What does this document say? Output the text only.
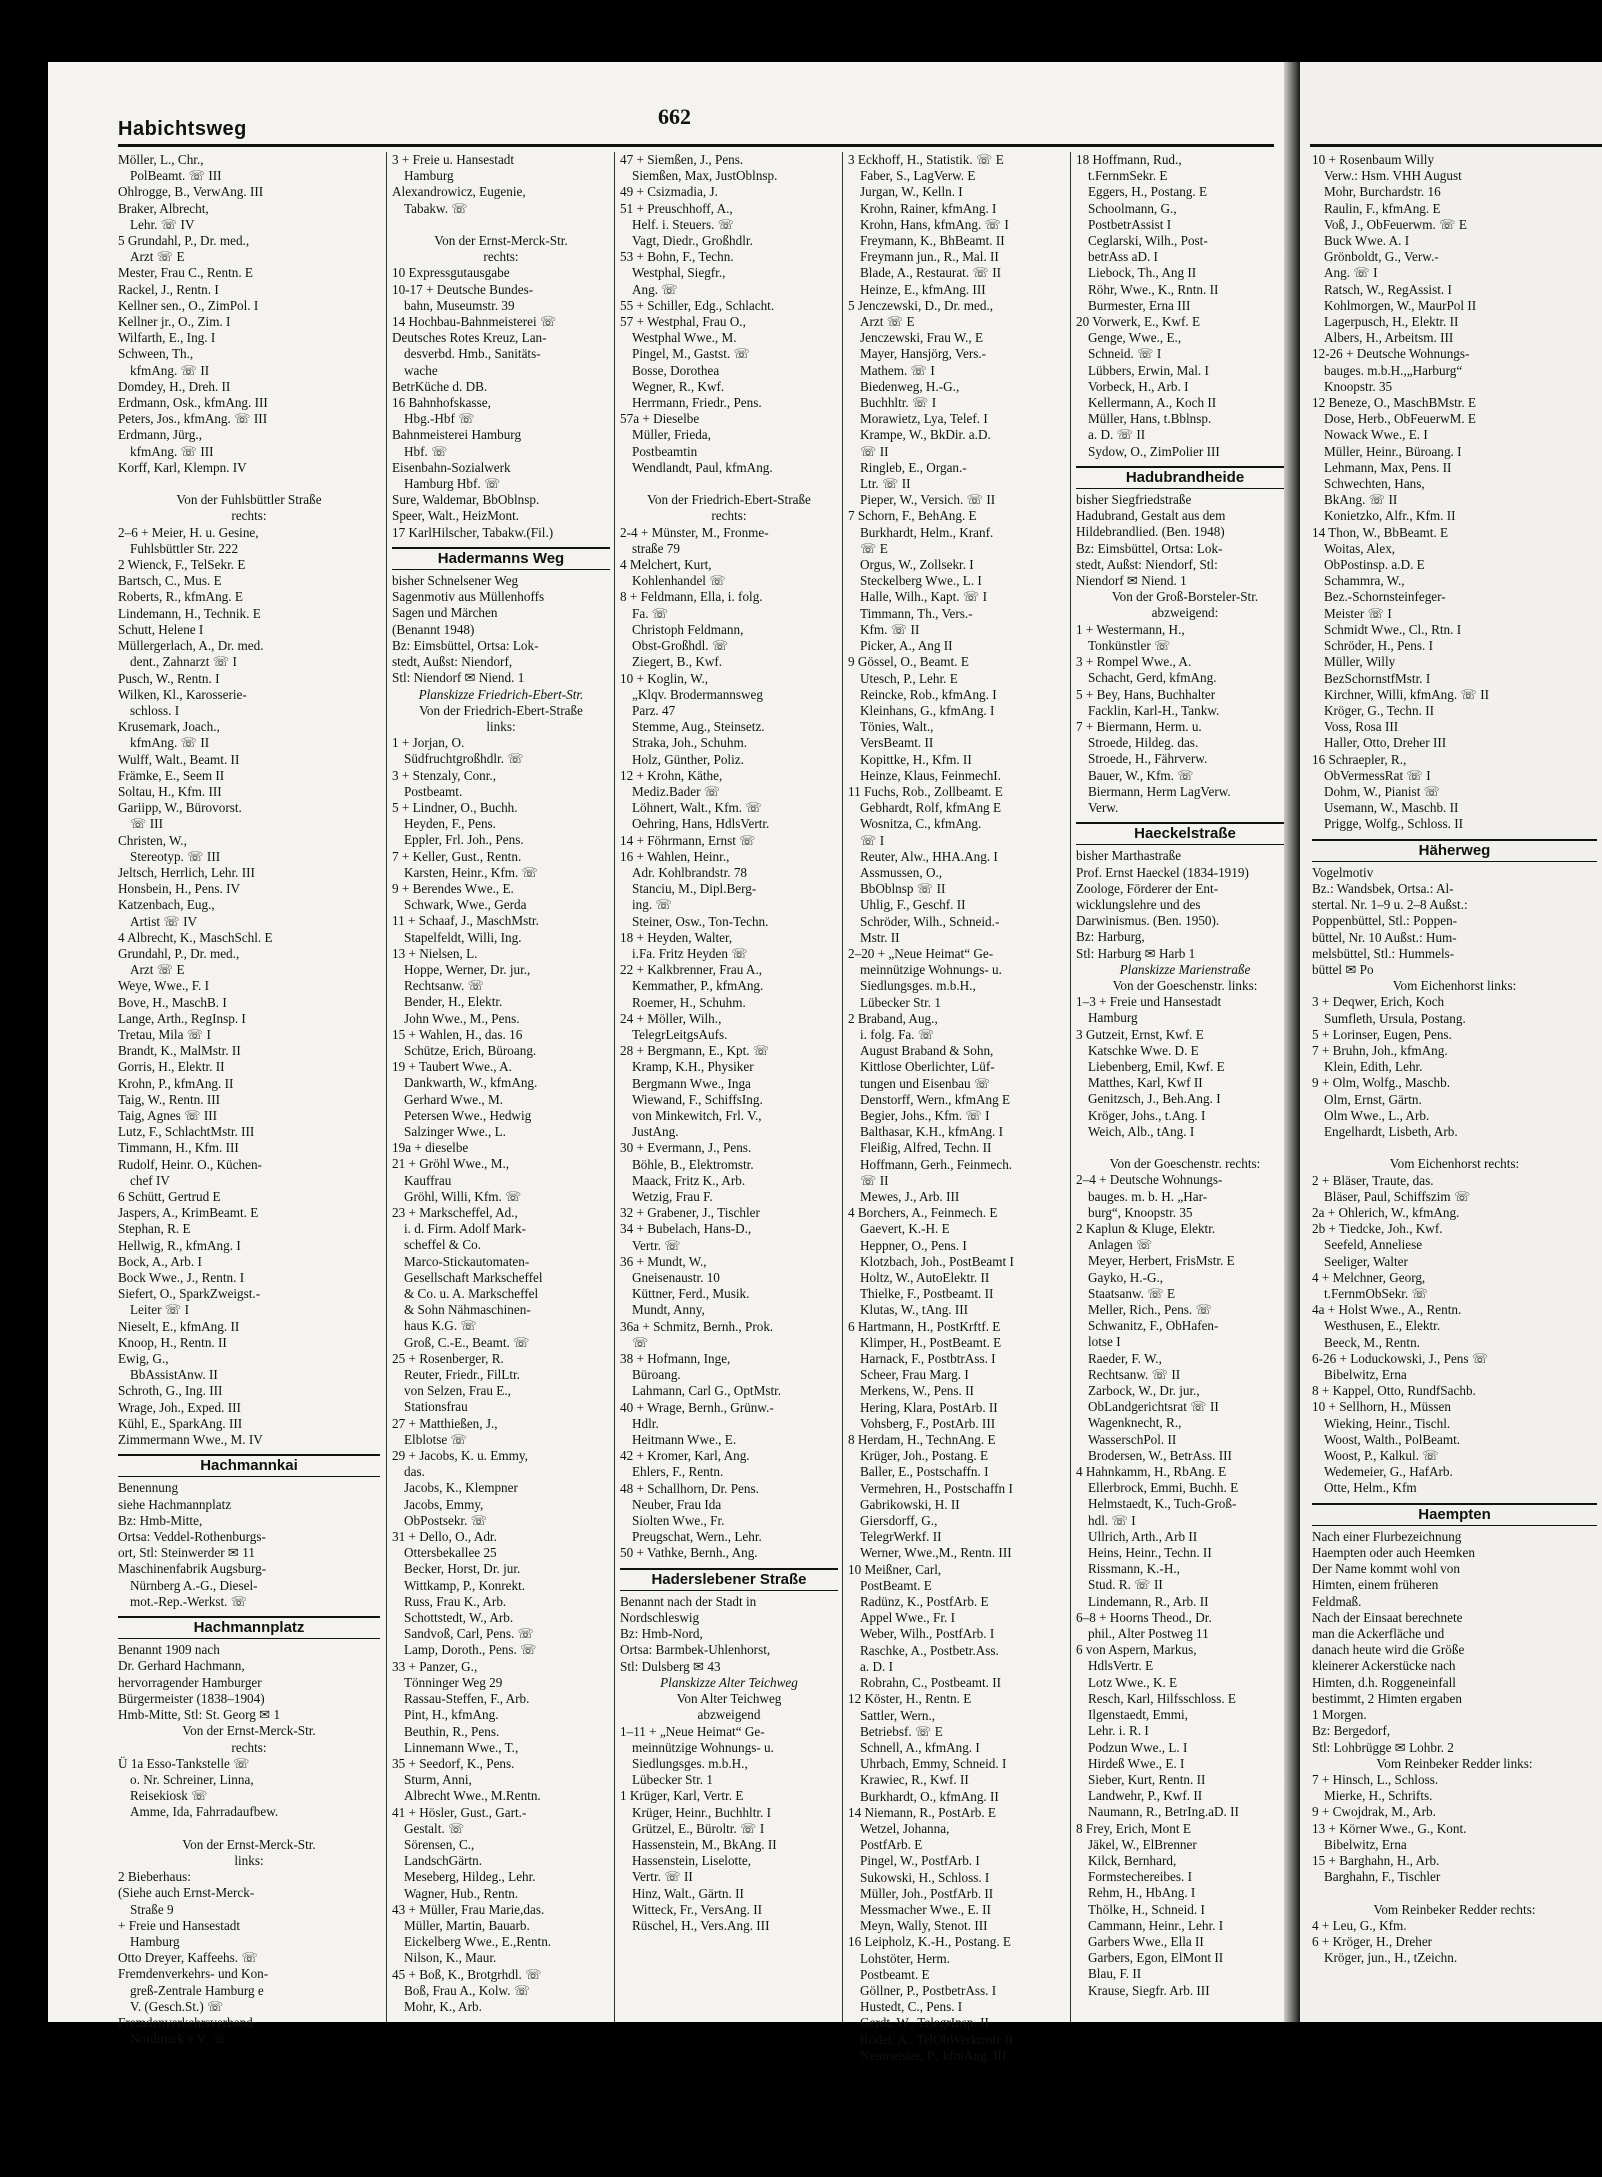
662
Habichtsweg
Möller, L., Chr.,
PolBeamt. ☏ III
Ohlrogge, B., VerwAng. III
Braker, Albrecht,
Lehr. ☏ IV
5 Grundahl, P., Dr. med.,
Arzt ☏ E
Mester, Frau C., Rentn. E
Rackel, J., Rentn. I
Kellner sen., O., ZimPol. I
Kellner jr., O., Zim. I
Wilfarth, E., Ing. I
Schween, Th.,
kfmAng. ☏ II
Domdey, H., Dreh. II
Erdmann, Osk., kfmAng. III
Peters, Jos., kfmAng. ☏ III
Erdmann, Jürg.,
kfmAng. ☏ III
Korff, Karl, Klempn. IV

Von der Fuhlsbüttler Straße
rechts:
2–6 + Meier, H. u. Gesine,
Fuhlsbüttler Str. 222
2 Wienck, F., TelSekr. E
Bartsch, C., Mus. E
Roberts, R., kfmAng. E
Lindemann, H., Technik. E
Schutt, Helene I
Müllergerlach, A., Dr. med.
dent., Zahnarzt ☏ I
Pusch, W., Rentn. I
Wilken, Kl., Karosserie-
schloss. I
Krusemark, Joach.,
kfmAng. ☏ II
Wulff, Walt., Beamt. II
Främke, E., Seem II
Soltau, H., Kfm. III
Gariipp, W., Bürovorst.
☏ III
Christen, W.,
Stereotyp. ☏ III
Jeltsch, Herrlich, Lehr. III
Honsbein, H., Pens. IV
Katzenbach, Eug.,
Artist ☏ IV
4 Albrecht, K., MaschSchl. E
Grundahl, P., Dr. med.,
Arzt ☏ E
Weye, Wwe., F. I
Bove, H., MaschB. I
Lange, Arth., RegInsp. I
Tretau, Mila ☏ I
Brandt, K., MalMstr. II
Gorris, H., Elektr. II
Krohn, P., kfmAng. II
Taig, W., Rentn. III
Taig, Agnes ☏ III
Lutz, F., SchlachtMstr. III
Timmann, H., Kfm. III
Rudolf, Heinr. O., Küchen-
chef IV
6 Schütt, Gertrud E
Jaspers, A., KrimBeamt. E
Stephan, R. E
Hellwig, R., kfmAng. I
Bock, A., Arb. I
Bock Wwe., J., Rentn. I
Siefert, O., SparkZweigst.-
Leiter ☏ I
Nieselt, E., kfmAng. II
Knoop, H., Rentn. II
Ewig, G.,
BbAssistAnw. II
Schroth, G., Ing. III
Wrage, Joh., Exped. III
Kühl, E., SparkAng. III
Zimmermann Wwe., M. IV
Hachmannkai
Benennung
siehe Hachmannplatz
Bz: Hmb-Mitte,
Ortsa: Veddel-Rothenburgs-
ort, Stl: Steinwerder ✉ 11
Maschinenfabrik Augsburg-
Nürnberg A.-G., Diesel-
mot.-Rep.-Werkst. ☏
Hachmannplatz
Benannt 1909 nach
Dr. Gerhard Hachmann,
hervorragender Hamburger
Bürgermeister (1838–1904)
Hmb-Mitte, Stl: St. Georg ✉ 1
Von der Ernst-Merck-Str.
rechts:
Ü 1a Esso-Tankstelle ☏
o. Nr. Schreiner, Linna,
Reisekiosk ☏
Amme, Ida, Fahrradaufbew.

Von der Ernst-Merck-Str.
links:
2 Bieberhaus:
(Siehe auch Ernst-Merck-
Straße 9
+ Freie und Hansestadt
Hamburg
Otto Dreyer, Kaffeehs. ☏
Fremdenverkehrs- und Kon-
greß-Zentrale Hamburg e
V. (Gesch.St.) ☏
Fremdenverkehrsverband
Nordmark e.V. ☏
3 + Freie u. Hansestadt
Hamburg
Alexandrowicz, Eugenie,
Tabakw. ☏

Von der Ernst-Merck-Str.
rechts:
10 Expressgutausgabe
10-17 + Deutsche Bundes-
bahn, Museumstr. 39
14 Hochbau-Bahnmeisterei ☏
Deutsches Rotes Kreuz, Lan-
desverbd. Hmb., Sanitäts-
wache
BetrKüche d. DB.
16 Bahnhofskasse,
Hbg.-Hbf ☏
Bahnmeisterei Hamburg
Hbf. ☏
Eisenbahn-Sozialwerk
Hamburg Hbf. ☏
Sure, Waldemar, BbOblnsp.
Speer, Walt., HeizMont.
17 KarlHilscher, Tabakw.(Fil.)
Hadermanns Weg
bisher Schnelsener Weg
Sagenmotiv aus Müllenhoffs
Sagen und Märchen
(Benannt 1948)
Bz: Eimsbüttel, Ortsa: Lok-
stedt, Außst: Niendorf,
Stl: Niendorf ✉ Niend. 1
Planskizze Friedrich-Ebert-Str.
Von der Friedrich-Ebert-Straße
links:
1 + Jorjan, O.
Südfruchtgroßhdlr. ☏
3 + Stenzaly, Conr.,
Postbeamt.
5 + Lindner, O., Buchh.
Heyden, F., Pens.
Eppler, Frl. Joh., Pens.
7 + Keller, Gust., Rentn.
Karsten, Heinr., Kfm. ☏
9 + Berendes Wwe., E.
Schwark, Wwe., Gerda
11 + Schaaf, J., MaschMstr.
Stapelfeldt, Willi, Ing.
13 + Nielsen, L.
Hoppe, Werner, Dr. jur.,
Rechtsanw. ☏
Bender, H., Elektr.
John Wwe., M., Pens.
15 + Wahlen, H., das. 16
Schütze, Erich, Büroang.
19 + Taubert Wwe., A.
Dankwarth, W., kfmAng.
Gerhard Wwe., M.
Petersen Wwe., Hedwig
Salzinger Wwe., L.
19a + dieselbe
21 + Gröhl Wwe., M.,
Kauffrau
Gröhl, Willi, Kfm. ☏
23 + Markscheffel, Ad.,
i. d. Firm. Adolf Mark-
scheffel & Co.
Marco-Stickautomaten-
Gesellschaft Markscheffel
& Co. u. A. Markscheffel
& Sohn Nähmaschinen-
haus K.G. ☏
Groß, C.-E., Beamt. ☏
25 + Rosenberger, R.
Reuter, Friedr., FilLtr.
von Selzen, Frau E.,
Stationsfrau
27 + Matthießen, J.,
Elblotse ☏
29 + Jacobs, K. u. Emmy,
das.
Jacobs, K., Klempner
Jacobs, Emmy,
ObPostsekr. ☏
31 + Dello, O., Adr.
Ottersbekallee 25
Becker, Horst, Dr. jur.
Wittkamp, P., Konrekt.
Russ, Frau K., Arb.
Schottstedt, W., Arb.
Sandvoß, Carl, Pens. ☏
Lamp, Doroth., Pens. ☏
33 + Panzer, G.,
Tönninger Weg 29
Rassau-Steffen, F., Arb.
Pint, H., kfmAng.
Beuthin, R., Pens.
Linnemann Wwe., T.,
35 + Seedorf, K., Pens.
Sturm, Anni,
Albrecht Wwe., M.Rentn.
41 + Hösler, Gust., Gart.-
Gestalt. ☏
Sörensen, C.,
LandschGärtn.
Meseberg, Hildeg., Lehr.
Wagner, Hub., Rentn.
43 + Müller, Frau Marie,das.
Müller, Martin, Bauarb.
Eickelberg Wwe., E.,Rentn.
Nilson, K., Maur.
45 + Boß, K., Brotgrhdl. ☏
Boß, Frau A., Kolw. ☏
Mohr, K., Arb.
47 + Siemßen, J., Pens.
Siemßen, Max, JustOblnsp.
49 + Csizmadia, J.
51 + Preuschhoff, A.,
Helf. i. Steuers. ☏
Vagt, Diedr., Großhdlr.
53 + Bohn, F., Techn.
Westphal, Siegfr.,
Ang. ☏
55 + Schiller, Edg., Schlacht.
57 + Westphal, Frau O.,
Westphal Wwe., M.
Pingel, M., Gastst. ☏
Bosse, Dorothea
Wegner, R., Kwf.
Herrmann, Friedr., Pens.
57a + Dieselbe
Müller, Frieda,
Postbeamtin
Wendlandt, Paul, kfmAng.

Von der Friedrich-Ebert-Straße
rechts:
2-4 + Münster, M., Fronme-
straße 79
4 Melchert, Kurt,
Kohlenhandel ☏
8 + Feldmann, Ella, i. folg.
Fa. ☏
Christoph Feldmann,
Obst-Großhdl. ☏
Ziegert, B., Kwf.
10 + Koglin, W.,
„Klqv. Brodermannsweg
Parz. 47
Stemme, Aug., Steinsetz.
Straka, Joh., Schuhm.
Holz, Günther, Poliz.
12 + Krohn, Käthe,
Mediz.Bader ☏
Löhnert, Walt., Kfm. ☏
Oehring, Hans, HdlsVertr.
14 + Föhrmann, Ernst ☏
16 + Wahlen, Heinr.,
Adr. Kohlbrandstr. 78
Stanciu, M., Dipl.Berg-
ing. ☏
Steiner, Osw., Ton-Techn.
18 + Heyden, Walter,
i.Fa. Fritz Heyden ☏
22 + Kalkbrenner, Frau A.,
Kemmather, P., kfmAng.
Roemer, H., Schuhm.
24 + Möller, Wilh.,
TelegrLeitgsAufs.
28 + Bergmann, E., Kpt. ☏
Kramp, K.H., Physiker
Bergmann Wwe., Inga
Wiewand, F., SchiffsIng.
von Minkewitch, Frl. V.,
JustAng.
30 + Evermann, J., Pens.
Böhle, B., Elektromstr.
Maack, Fritz K., Arb.
Wetzig, Frau F.
32 + Grabener, J., Tischler
34 + Bubelach, Hans-D.,
Vertr. ☏
36 + Mundt, W.,
Gneisenaustr. 10
Küttner, Ferd., Musik.
Mundt, Anny,
36a + Schmitz, Bernh., Prok.
☏
38 + Hofmann, Inge,
Büroang.
Lahmann, Carl G., OptMstr.
40 + Wrage, Bernh., Grünw.-
Hdlr.
Heitmann Wwe., E.
42 + Kromer, Karl, Ang.
Ehlers, F., Rentn.
48 + Schallhorn, Dr. Pens.
Neuber, Frau Ida
Siolten Wwe., Fr.
Preugschat, Wern., Lehr.
50 + Vathke, Bernh., Ang.
Haderslebener Straße
Benannt nach der Stadt in
Nordschleswig
Bz: Hmb-Nord,
Ortsa: Barmbek-Uhlenhorst,
Stl: Dulsberg ✉ 43
Planskizze Alter Teichweg
Von Alter Teichweg
abzweigend
1–11 + „Neue Heimat“ Ge-
meinnützige Wohnungs- u.
Siedlungsges. m.b.H.,
Lübecker Str. 1
1 Krüger, Karl, Vertr. E
Krüger, Heinr., Buchhltr. I
Grützel, E., Büroltr. ☏ I
Hassenstein, M., BkAng. II
Hassenstein, Liselotte,
Vertr. ☏ II
Hinz, Walt., Gärtn. II
Witteck, Fr., VersAng. II
Rüschel, H., Vers.Ang. III
3 Eckhoff, H., Statistik. ☏ E
Faber, S., LagVerw. E
Jurgan, W., Kelln. I
Krohn, Rainer, kfmAng. I
Krohn, Hans, kfmAng. ☏ I
Freymann, K., BhBeamt. II
Freymann jun., R., Mal. II
Blade, A., Restaurat. ☏ II
Heinze, E., kfmAng. III
5 Jenczewski, D., Dr. med.,
Arzt ☏ E
Jenczewski, Frau W., E
Mayer, Hansjörg, Vers.-
Mathem. ☏ I
Biedenweg, H.-G.,
Buchhltr. ☏ I
Morawietz, Lya, Telef. I
Krampe, W., BkDir. a.D.
☏ II
Ringleb, E., Organ.-
Ltr. ☏ II
Pieper, W., Versich. ☏ II
7 Schorn, F., BehAng. E
Burkhardt, Helm., Kranf.
☏ E
Orgus, W., Zollsekr. I
Steckelberg Wwe., L. I
Halle, Wilh., Kapt. ☏ I
Timmann, Th., Vers.-
Kfm. ☏ II
Picker, A., Ang II
9 Gössel, O., Beamt. E
Utesch, P., Lehr. E
Reincke, Rob., kfmAng. I
Kleinhans, G., kfmAng. I
Tönies, Walt.,
VersBeamt. II
Kopittke, H., Kfm. II
Heinze, Klaus, FeinmechI.
11 Fuchs, Rob., Zollbeamt. E
Gebhardt, Rolf, kfmAng E
Wosnitza, C., kfmAng.
☏ I
Reuter, Alw., HHA.Ang. I
Assmussen, O.,
BbOblnsp ☏ II
Uhlig, F., Geschf. II
Schröder, Wilh., Schneid.-
Mstr. II
2–20 + „Neue Heimat“ Ge-
meinnützige Wohnungs- u.
Siedlungsges. m.b.H.,
Lübecker Str. 1
2 Braband, Aug.,
i. folg. Fa. ☏
August Braband & Sohn,
Kittlose Oberlichter, Lüf-
tungen und Eisenbau ☏
Denstorff, Wern., kfmAng E
Begier, Johs., Kfm. ☏ I
Balthasar, K.H., kfmAng. I
Fleißig, Alfred, Techn. II
Hoffmann, Gerh., Feinmech.
☏ II
Mewes, J., Arb. III
4 Borchers, A., Feinmech. E
Gaevert, K.-H. E
Heppner, O., Pens. I
Klotzbach, Joh., PostBeamt I
Holtz, W., AutoElektr. II
Thielke, F., Postbeamt. II
Klutas, W., tAng. III
6 Hartmann, H., PostKrftf. E
Klimper, H., PostBeamt. E
Harnack, F., PostbtrAss. I
Scheer, Frau Marg. I
Merkens, W., Pens. II
Hering, Klara, PostArb. II
Vohsberg, F., PostArb. III
8 Herdam, H., TechnAng. E
Krüger, Joh., Postang. E
Baller, E., Postschaffn. I
Vermehren, H., Postschaffn I
Gabrikowski, H. II
Giersdorff, G.,
TelegrWerkf. II
Werner, Wwe.,M., Rentn. III
10 Meißner, Carl,
PostBeamt. E
Radünz, K., PostfArb. E
Appel Wwe., Fr. I
Weber, Wilh., PostfArb. I
Raschke, A., Postbetr.Ass.
a. D. I
Robrahn, C., Postbeamt. II
12 Köster, H., Rentn. E
Sattler, Wern.,
Betriebsf. ☏ E
Schnell, A., kfmAng. I
Uhrbach, Emmy, Schneid. I
Krawiec, R., Kwf. II
Burkhardt, O., kfmAng. II
14 Niemann, R., PostArb. E
Wetzel, Johanna,
PostfArb. E
Pingel, W., PostfArb. I
Sukowski, H., Schloss. I
Müller, Joh., PostfArb. II
Messmacher Wwe., E. II
Meyn, Wally, Stenot. III
16 Leipholz, K.-H., Postang. E
Lohstöter, Herm.
Postbeamt. E
Göllner, P., PostbetrAss. I
Hustedt, C., Pens. I
Gerdt, W., TelegrInsp. II
Rödel, A., TelObWerkmstr II
Neumeister, P., kfmAng. III
18 Hoffmann, Rud.,
t.FernmSekr. E
Eggers, H., Postang. E
Schoolmann, G.,
PostbetrAssist I
Ceglarski, Wilh., Post-
betrAss aD. I
Liebock, Th., Ang II
Röhr, Wwe., K., Rntn. II
Burmester, Erna III
20 Vorwerk, E., Kwf. E
Genge, Wwe., E.,
Schneid. ☏ I
Lübbers, Erwin, Mal. I
Vorbeck, H., Arb. I
Kellermann, A., Koch II
Müller, Hans, t.Bblnsp.
a. D. ☏ II
Sydow, O., ZimPolier III
Hadubrandheide
bisher Siegfriedstraße
Hadubrand, Gestalt aus dem
Hildebrandlied. (Ben. 1948)
Bz: Eimsbüttel, Ortsa: Lok-
stedt, Außst: Niendorf, Stl:
Niendorf ✉ Niend. 1
Von der Groß-Borsteler-Str.
abzweigend:
1 + Westermann, H.,
Tonkünstler ☏
3 + Rompel Wwe., A.
Schacht, Gerd, kfmAng.
5 + Bey, Hans, Buchhalter
Facklin, Karl-H., Tankw.
7 + Biermann, Herm. u.
Stroede, Hildeg. das.
Stroede, H., Fährverw.
Bauer, W., Kfm. ☏
Biermann, Herm LagVerw.
Verw.
Haeckelstraße
bisher Marthastraße
Prof. Ernst Haeckel (1834-1919)
Zoologe, Förderer der Ent-
wicklungslehre und des
Darwinismus. (Ben. 1950).
Bz: Harburg,
Stl: Harburg ✉ Harb 1
Planskizze Marienstraße
Von der Goeschenstr. links:
1–3 + Freie und Hansestadt
Hamburg
3 Gutzeit, Ernst, Kwf. E
Katschke Wwe. D. E
Liebenberg, Emil, Kwf. E
Matthes, Karl, Kwf II
Genitzsch, J., Beh.Ang. I
Kröger, Johs., t.Ang. I
Weich, Alb., tAng. I

Von der Goeschenstr. rechts:
2–4 + Deutsche Wohnungs-
bauges. m. b. H. „Har-
burg“, Knoopstr. 35
2 Kaplun & Kluge, Elektr.
Anlagen ☏
Meyer, Herbert, FrisMstr. E
Gayko, H.-G.,
Staatsanw. ☏ E
Meller, Rich., Pens. ☏
Schwanitz, F., ObHafen-
lotse I
Raeder, F. W.,
Rechtsanw. ☏ II
Zarbock, W., Dr. jur.,
ObLandgerichtsrat ☏ II
Wagenknecht, R.,
WasserschPol. II
Brodersen, W., BetrAss. III
4 Hahnkamm, H., RbAng. E
Ellerbrock, Emmi, Buchh. E
Helmstaedt, K., Tuch-Groß-
hdl. ☏ I
Ullrich, Arth., Arb II
Heins, Heinr., Techn. II
Rissmann, K.-H.,
Stud. R. ☏ II
Lindemann, R., Arb. II
6–8 + Hoorns Theod., Dr.
phil., Alter Postweg 11
6 von Aspern, Markus,
HdlsVertr. E
Lotz Wwe., K. E
Resch, Karl, Hilfsschloss. E
Ilgenstaedt, Emmi,
Lehr. i. R. I
Podzun Wwe., L. I
Hirdeß Wwe., E. I
Sieber, Kurt, Rentn. II
Landwehr, P., Kwf. II
Naumann, R., BetrIng.aD. II
8 Frey, Erich, Mont E
Jäkel, W., ElBrenner
Kilck, Bernhard,
Formstechereibes. I
Rehm, H., HbAng. I
Thölke, H., Schneid. I
Cammann, Heinr., Lehr. I
Garbers Wwe., Ella II
Garbers, Egon, ElMont II
Blau, F. II
Krause, Siegfr. Arb. III
10 + Rosenbaum Willy
Verw.: Hsm. VHH August
Mohr, Burchardstr. 16
Raulin, F., kfmAng. E
Voß, J., ObFeuerwm. ☏ E
Buck Wwe. A. I
Grönboldt, G., Verw.-
Ang. ☏ I
Ratsch, W., RegAssist. I
Kohlmorgen, W., MaurPol II
Lagerpusch, H., Elektr. II
Albers, H., Arbeitsm. III
12-26 + Deutsche Wohnungs-
bauges. m.b.H.,„Harburg“
Knoopstr. 35
12 Beneze, O., MaschBMstr. E
Dose, Herb., ObFeuerwM. E
Nowack Wwe., E. I
Müller, Heinr., Büroang. I
Lehmann, Max, Pens. II
Schwechten, Hans,
BkAng. ☏ II
Konietzko, Alfr., Kfm. II
14 Thon, W., BbBeamt. E
Woitas, Alex,
ObPostinsp. a.D. E
Schammra, W.,
Bez.-Schornsteinfeger-
Meister ☏ I
Schmidt Wwe., Cl., Rtn. I
Schröder, H., Pens. I
Müller, Willy
BezSchornstfMstr. I
Kirchner, Willi, kfmAng. ☏ II
Kröger, G., Techn. II
Voss, Rosa III
Haller, Otto, Dreher III
16 Schraepler, R.,
ObVermessRat ☏ I
Dohm, W., Pianist ☏
Usemann, W., Maschb. II
Prigge, Wolfg., Schloss. II
Häherweg
Vogelmotiv
Bz.: Wandsbek, Ortsa.: Al-
stertal. Nr. 1–9 u. 2–8 Außst.:
Poppenbüttel, Stl.: Poppen-
büttel, Nr. 10 Außst.: Hum-
melsbüttel, Stl.: Hummels-
büttel ✉ Po
Vom Eichenhorst links:
3 + Deqwer, Erich, Koch
Sumfleth, Ursula, Postang.
5 + Lorinser, Eugen, Pens.
7 + Bruhn, Joh., kfmAng.
Klein, Edith, Lehr.
9 + Olm, Wolfg., Maschb.
Olm, Ernst, Gärtn.
Olm Wwe., L., Arb.
Engelhardt, Lisbeth, Arb.

Vom Eichenhorst rechts:
2 + Bläser, Traute, das.
Bläser, Paul, Schiffszim ☏
2a + Ohlerich, W., kfmAng.
2b + Tiedcke, Joh., Kwf.
Seefeld, Anneliese
Seeliger, Walter
4 + Melchner, Georg,
t.FernmObSekr. ☏
4a + Holst Wwe., A., Rentn.
Westhusen, E., Elektr.
Beeck, M., Rentn.
6-26 + Loduckowski, J., Pens ☏
Bibelwitz, Erna
8 + Kappel, Otto, RundfSachb.
10 + Sellhorn, H., Müssen
Wieking, Heinr., Tischl.
Woost, Walth., PolBeamt.
Woost, P., Kalkul. ☏
Wedemeier, G., HafArb.
Otte, Helm., Kfm
Haempten
Nach einer Flurbezeichnung
Haempten oder auch Heemken
Der Name kommt wohl von
Himten, einem früheren
Feldmaß.
Nach der Einsaat berechnete
man die Ackerfläche und
danach heute wird die Größe
kleinerer Ackerstücke nach
Himten, d.h. Roggeneinfall
bestimmt, 2 Himten ergaben
1 Morgen.
Bz: Bergedorf,
Stl: Lohbrügge ✉ Lohbr. 2
Vom Reinbeker Redder links:
7 + Hinsch, L., Schloss.
Mierke, H., Schrifts.
9 + Cwojdrak, M., Arb.
13 + Körner Wwe., G., Kont.
Bibelwitz, Erna
15 + Barghahn, H., Arb.
Barghahn, F., Tischler

Vom Reinbeker Redder rechts:
4 + Leu, G., Kfm.
6 + Kröger, H., Dreher
Kröger, jun., H., tZeichn.
